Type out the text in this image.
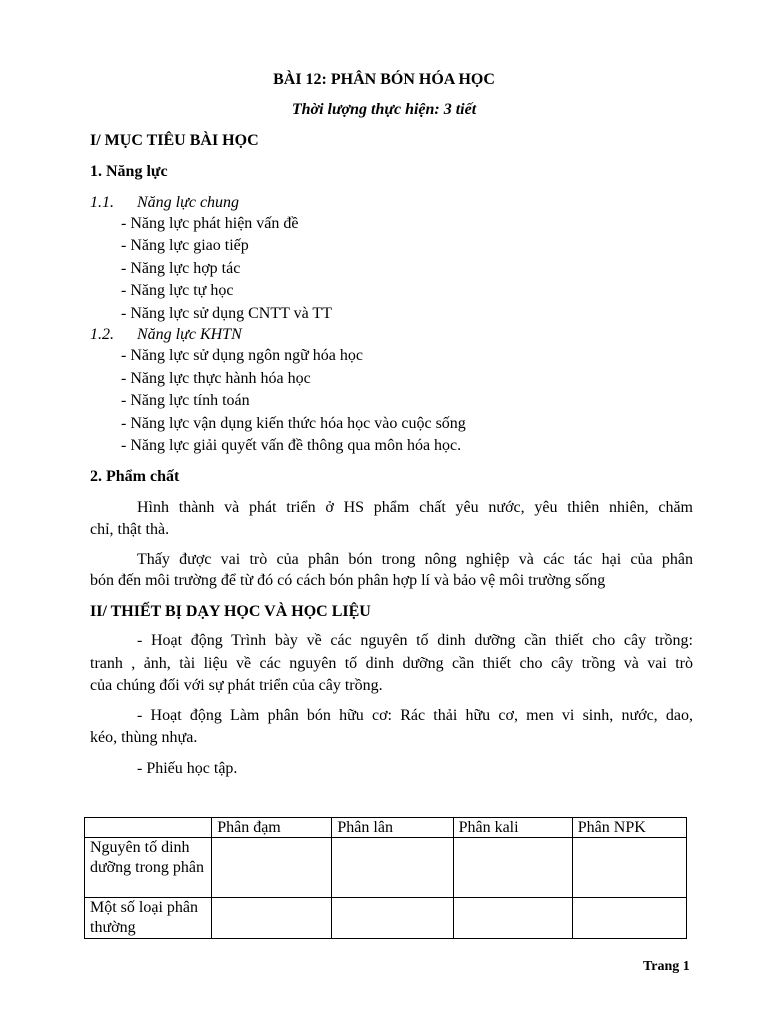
BÀI 12: PHÂN BÓN HÓA HỌC
Thời lượng thực hiện: 3 tiết
I/ MỤC TIÊU BÀI HỌC
1. Năng lực
1.1. Năng lực chung
- Năng lực phát hiện vấn đề
- Năng lực giao tiếp
- Năng lực hợp tác
- Năng lực tự học
- Năng lực sử dụng CNTT và TT
1.2. Năng lực KHTN
- Năng lực sử dụng ngôn ngữ hóa học
- Năng lực thực hành hóa học
- Năng lực tính toán
- Năng lực vận dụng kiến thức hóa học vào cuộc sống
- Năng lực giải quyết vấn đề thông qua môn hóa học.
2. Phẩm chất
Hình thành và phát triển ở HS phẩm chất yêu nước, yêu thiên nhiên, chăm
chỉ, thật thà.
Thấy được vai trò của phân bón trong nông nghiệp và các tác hại của phân
bón đến môi trường để từ đó có cách bón phân hợp lí và bảo vệ môi trường sống
II/ THIẾT BỊ DẠY HỌC VÀ HỌC LIỆU
- Hoạt động Trình bày về các nguyên tố dinh dưỡng cần thiết cho cây trồng:
tranh , ảnh, tài liệu về các nguyên tố dinh dưỡng cần thiết cho cây trồng và vai trò
của chúng đối với sự phát triển của cây trồng.
- Hoạt động Làm phân bón hữu cơ: Rác thải hữu cơ, men vi sinh, nước, dao,
kéo, thùng nhựa.
- Phiếu học tập.
	Phân đạm	Phân lân	Phân kali	Phân NPK
Nguyên tố dinh dưỡng trong phân				
Một số loại phân thường				
Trang 1
